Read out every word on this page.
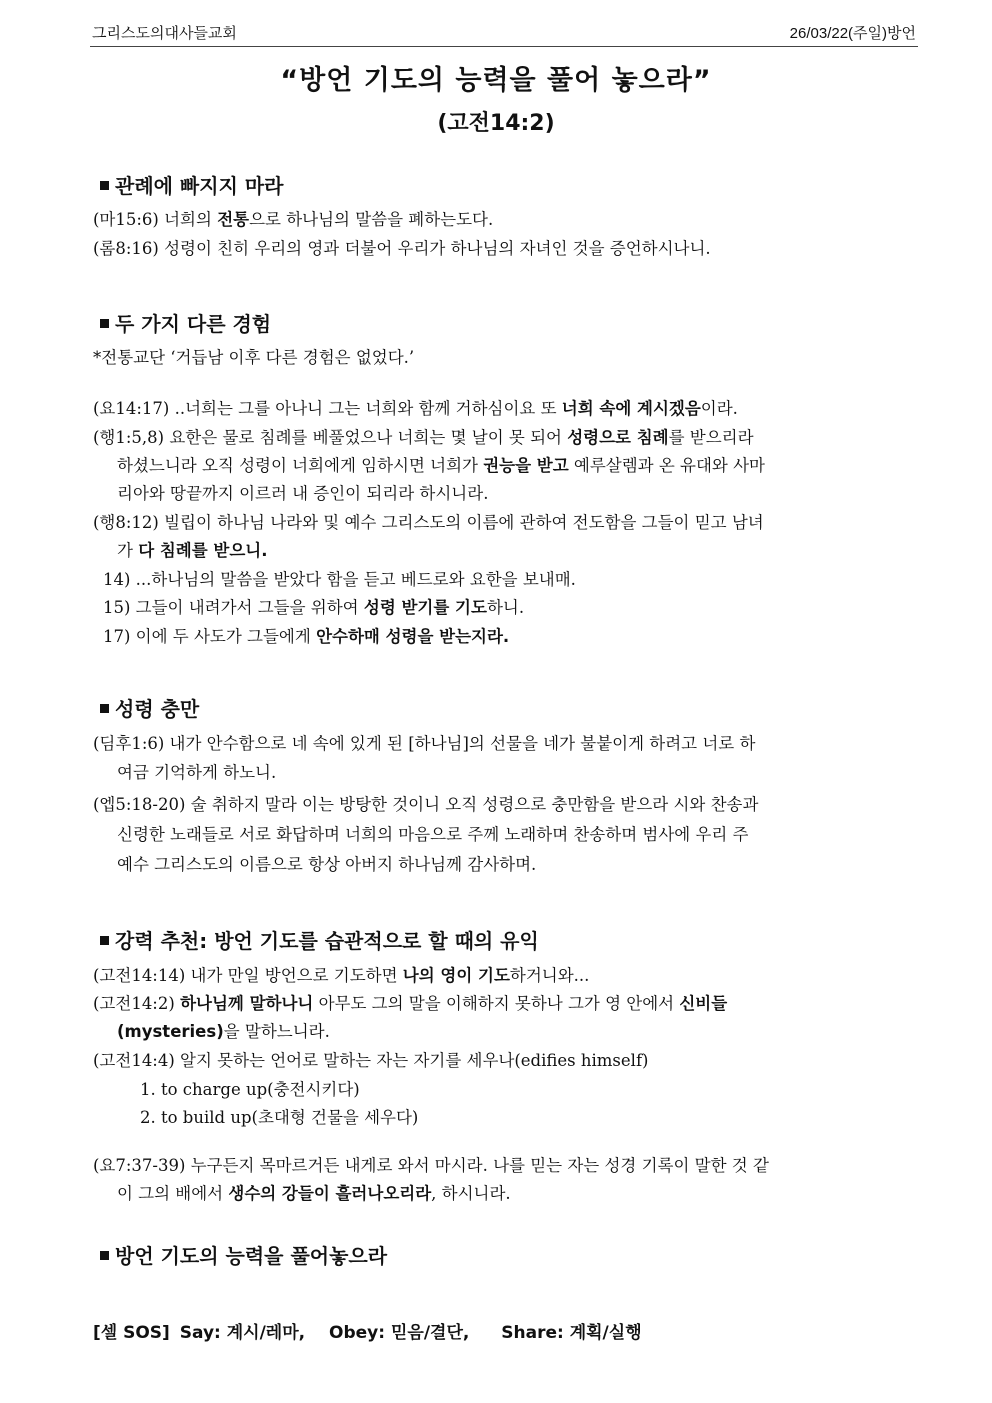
그리스도의대사들교회	26/03/22(주일)방언
“방언 기도의 능력을 풀어 놓으라”
(고전14:2)
관례에 빠지지 마라
(마15:6) 너희의 전통으로 하나님의 말씀을 폐하는도다.
(롬8:16) 성령이 친히 우리의 영과 더불어 우리가 하나님의 자녀인 것을 증언하시나니.
두 가지 다른 경험
*전통교단 ‘거듭남 이후 다른 경험은 없었다.’
(요14:17) ..너희는 그를 아나니 그는 너희와 함께 거하심이요 또 너희 속에 계시겠음이라.
(행1:5,8) 요한은 물로 침례를 베풀었으나 너희는 몇 날이 못 되어 성령으로 침례를 받으리라
하셨느니라 오직 성령이 너희에게 임하시면 너희가 권능을 받고 예루살렘과 온 유대와 사마
리아와 땅끝까지 이르러 내 증인이 되리라 하시니라.
(행8:12) 빌립이 하나님 나라와 및 예수 그리스도의 이름에 관하여 전도함을 그들이 믿고 남녀
가 다 침례를 받으니.
14) ...하나님의 말씀을 받았다 함을 듣고 베드로와 요한을 보내매.
15) 그들이 내려가서 그들을 위하여 성령 받기를 기도하니.
17) 이에 두 사도가 그들에게 안수하매 성령을 받는지라.
성령 충만
(딤후1:6) 내가 안수함으로 네 속에 있게 된 [하나님]의 선물을 네가 불붙이게 하려고 너로 하
여금 기억하게 하노니.
(엡5:18-20) 술 취하지 말라 이는 방탕한 것이니 오직 성령으로 충만함을 받으라 시와 찬송과
신령한 노래들로 서로 화답하며 너희의 마음으로 주께 노래하며 찬송하며 범사에 우리 주
예수 그리스도의 이름으로 항상 아버지 하나님께 감사하며.
강력 추천: 방언 기도를 습관적으로 할 때의 유익
(고전14:14) 내가 만일 방언으로 기도하면 나의 영이 기도하거니와...
(고전14:2) 하나님께 말하나니 아무도 그의 말을 이해하지 못하나 그가 영 안에서 신비들
(mysteries)을 말하느니라.
(고전14:4) 알지 못하는 언어로 말하는 자는 자기를 세우나(edifies himself)
1. to charge up(충전시키다)
2. to build up(초대형 건물을 세우다)
(요7:37-39) 누구든지 목마르거든 내게로 와서 마시라. 나를 믿는 자는 성경 기록이 말한 것 같
이 그의 배에서 생수의 강들이 흘러나오리라, 하시니라.
방언 기도의 능력을 풀어놓으라
[셀 SOS] Say: 계시/레마, Obey: 믿음/결단, Share: 계획/실행
